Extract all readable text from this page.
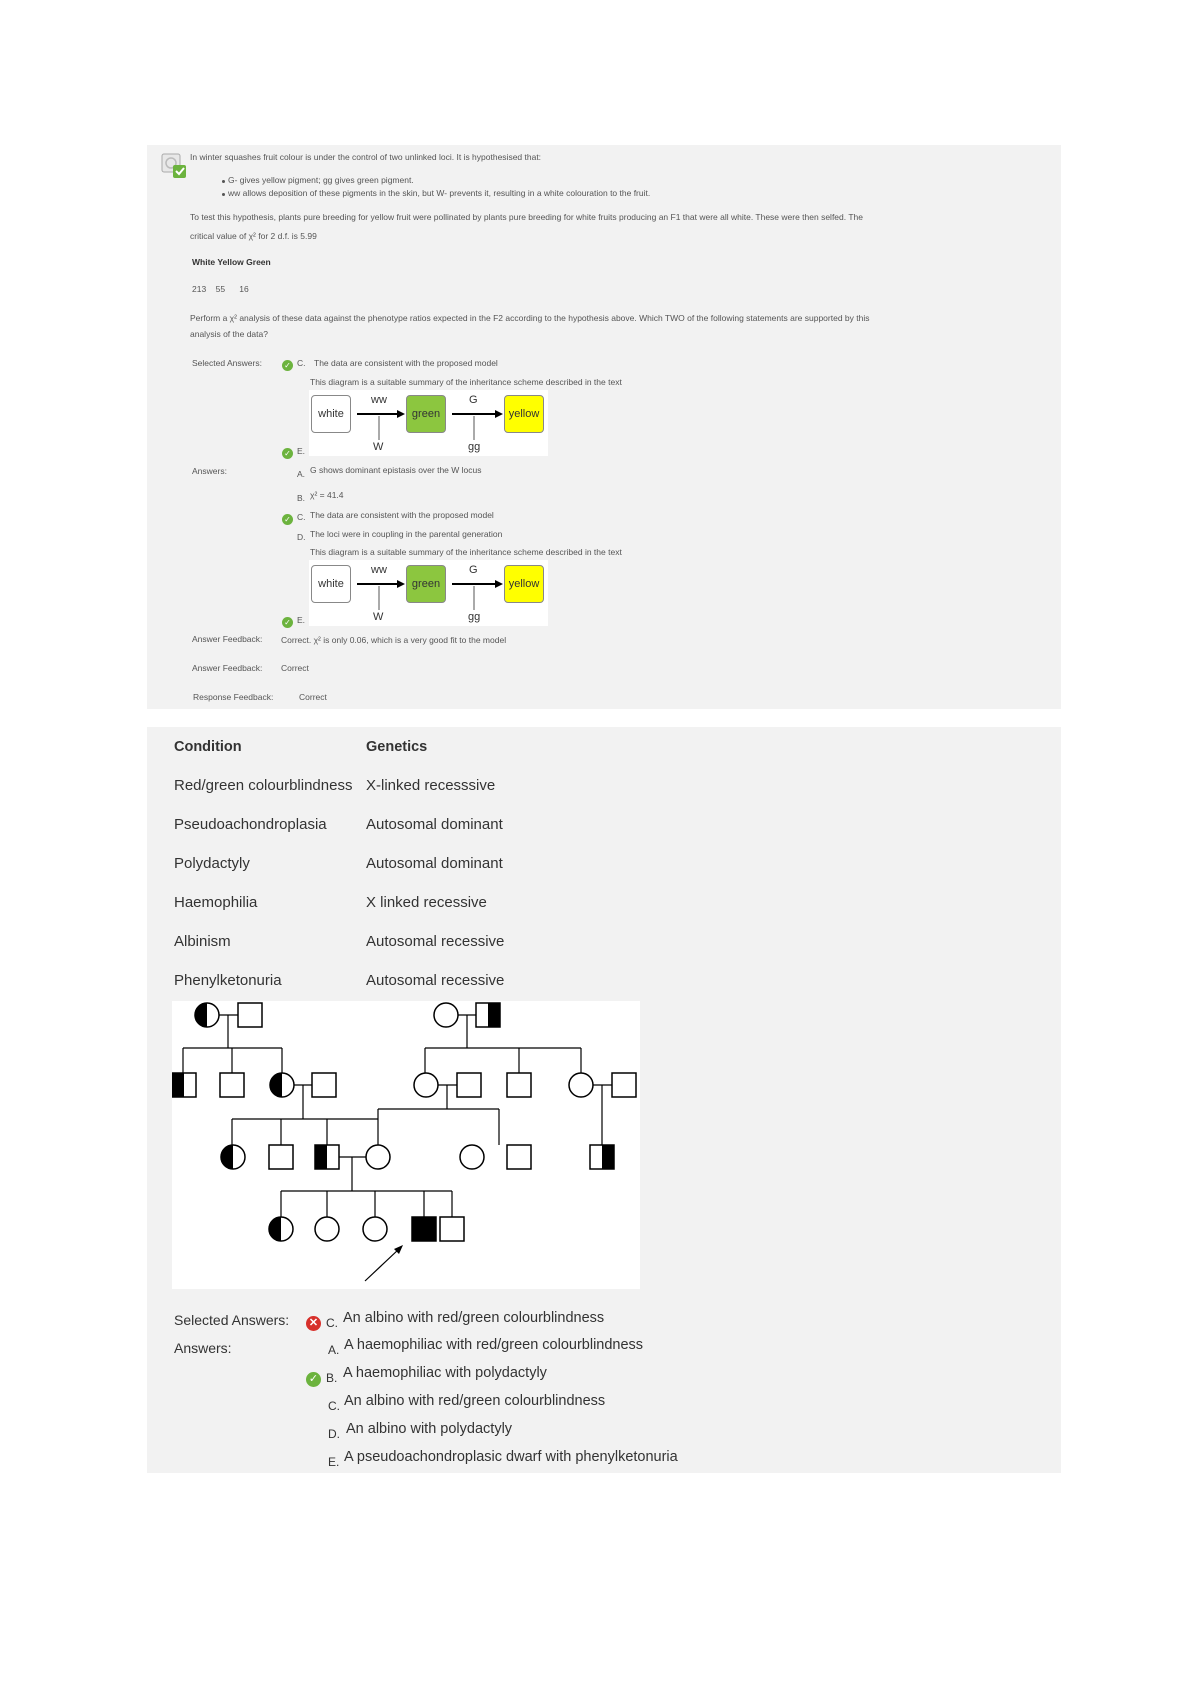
In winter squashes fruit colour is under the control of two unlinked loci. It is hypothesised that:
G- gives yellow pigment; gg gives green pigment.
ww allows deposition of these pigments in the skin, but W- prevents it, resulting in a white colouration to the fruit.
To test this hypothesis, plants pure breeding for yellow fruit were pollinated by plants pure breeding for white fruits producing an F1 that were all white. These were then selfed. The
critical value of χ² for 2 d.f. is 5.99
White Yellow Green
213    55      16
Perform a χ² analysis of these data against the phenotype ratios expected in the F2 according to the hypothesis above. Which TWO of the following statements are supported by this
analysis of the data?
Selected Answers:	✓ C. The data are consistent with the proposed model
This diagram is a suitable summary of the inheritance scheme described in the text
white	green	yellow
ww	G
W	gg
✓ E.
Answers:	A. G shows dominant epistasis over the W locus
B. χ² = 41.4
✓ C. The data are consistent with the proposed model
D. The loci were in coupling in the parental generation
This diagram is a suitable summary of the inheritance scheme described in the text
white	green	yellow
ww	G
W	gg
✓ E.
Answer Feedback: Correct. χ² is only 0.06, which is a very good fit to the model
Answer Feedback: Correct
Response Feedback:	Correct
Condition	Genetics
Red/green colourblindness	X-linked recesssive
Pseudoachondroplasia	Autosomal dominant
Polydactyly	Autosomal dominant
Haemophilia	X linked recessive
Albinism	Autosomal recessive
Phenylketonuria	Autosomal recessive
Selected Answers: ✕ C. An albino with red/green colourblindness
Answers:	A. A haemophiliac with red/green colourblindness
✓ B. A haemophiliac with polydactyly
C. An albino with red/green colourblindness
D. An albino with polydactyly
E. A pseudoachondroplasic dwarf with phenylketonuria
